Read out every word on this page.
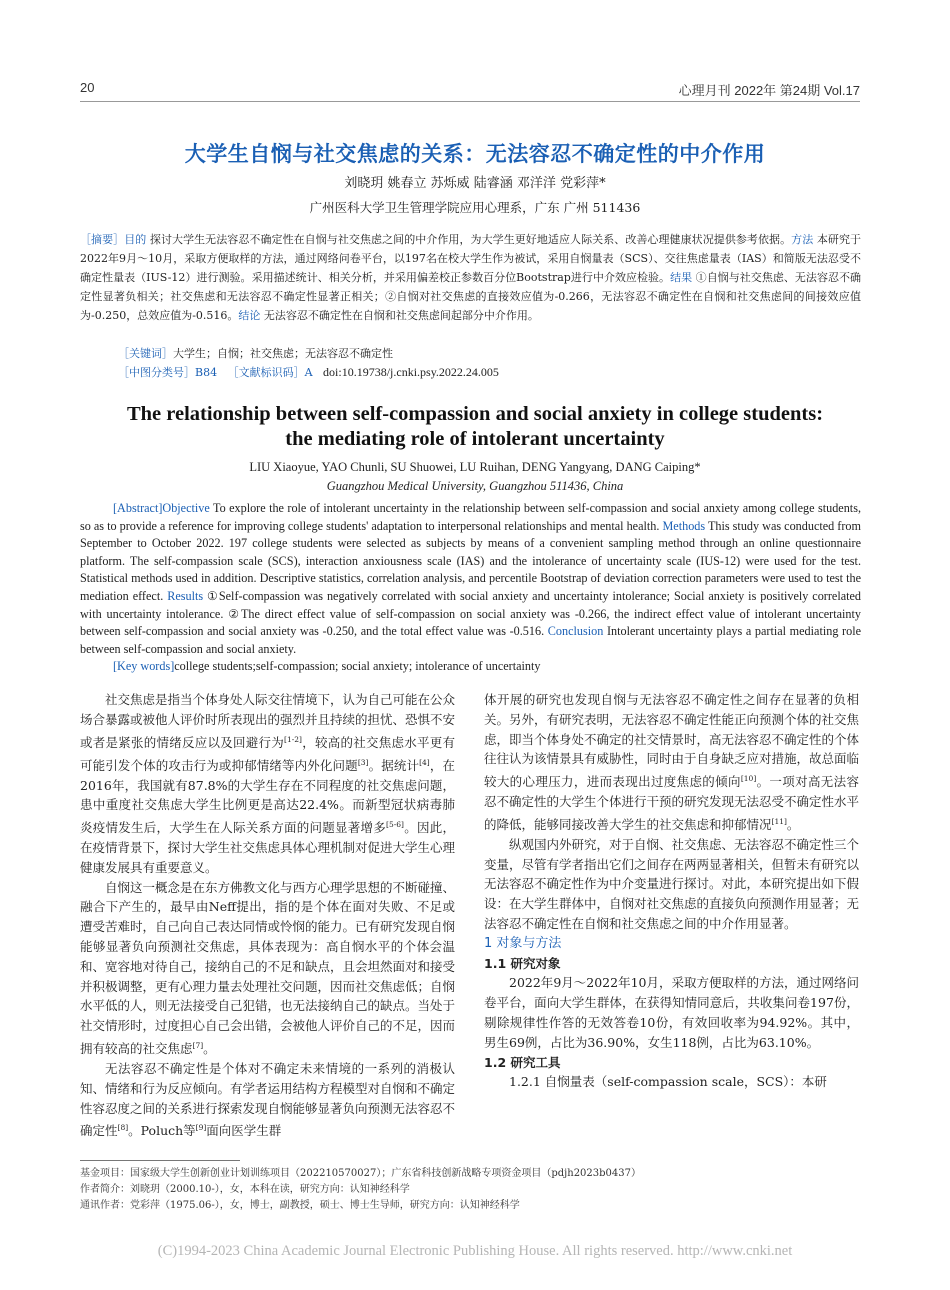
20	心理月刊 2022年 第24期 Vol.17
大学生自悯与社交焦虑的关系：无法容忍不确定性的中介作用
刘晓玥 姚春立 苏烁威 陆睿涵 邓洋洋 党彩萍*
广州医科大学卫生管理学院应用心理系，广东 广州 511436
［摘要］目的 探讨大学生无法容忍不确定性在自悯与社交焦虑之间的中介作用，为大学生更好地适应人际关系、改善心理健康状况提供参考依据。方法 本研究于2022年9月～10月，采取方便取样的方法，通过网络问卷平台，以197名在校大学生作为被试，采用自悯量表（SCS）、交往焦虑量表（IAS）和简版无法忍受不确定性量表（IUS-12）进行测验。采用描述统计、相关分析，并采用偏差校正参数百分位Bootstrap进行中介效应检验。结果 ①自悯与社交焦虑、无法容忍不确定性显著负相关；社交焦虑和无法容忍不确定性显著正相关；②自悯对社交焦虑的直接效应值为-0.266，无法容忍不确定性在自悯和社交焦虑间的间接效应值为-0.250，总效应值为-0.516。结论 无法容忍不确定性在自悯和社交焦虑间起部分中介作用。
［关键词］大学生；自悯；社交焦虑；无法容忍不确定性
［中图分类号］B84 ［文献标识码］A doi:10.19738/j.cnki.psy.2022.24.005
The relationship between self-compassion and social anxiety in college students:
the mediating role of intolerant uncertainty
LIU Xiaoyue, YAO Chunli, SU Shuowei, LU Ruihan, DENG Yangyang, DANG Caiping*
Guangzhou Medical University, Guangzhou 511436, China
[Abstract]Objective To explore the role of intolerant uncertainty in the relationship between self-compassion and social anxiety among college students, so as to provide a reference for improving college students' adaptation to interpersonal relationships and mental health. Methods This study was conducted from September to October 2022. 197 college students were selected as subjects by means of a convenient sampling method through an online questionnaire platform. The self-compassion scale (SCS), interaction anxiousness scale (IAS) and the intolerance of uncertainty scale (IUS-12) were used for the test. Statistical methods used in addition. Descriptive statistics, correlation analysis, and percentile Bootstrap of deviation correction parameters were used to test the mediation effect. Results ①Self-compassion was negatively correlated with social anxiety and uncertainty intolerance; Social anxiety is positively correlated with uncertainty intolerance. ②The direct effect value of self-compassion on social anxiety was -0.266, the indirect effect value of intolerant uncertainty between self-compassion and social anxiety was -0.250, and the total effect value was -0.516. Conclusion Intolerant uncertainty plays a partial mediating role between self-compassion and social anxiety.
[Key words]college students;self-compassion; social anxiety; intolerance of uncertainty

社交焦虑是指当个体身处人际交往情境下，认为自己可能在公众场合暴露或被他人评价时所表现出的强烈并且持续的担忧、恐惧不安或者是紧张的情绪反应以及回避行为[1-2]，较高的社交焦虑水平更有可能引发个体的攻击行为或抑郁情绪等内外化问题[3]。据统计[4]，在2016年，我国就有87.8%的大学生存在不同程度的社交焦虑问题，患中重度社交焦虑大学生比例更是高达22.4%。而新型冠状病毒肺炎疫情发生后，大学生在人际关系方面的问题显著增多[5-6]。因此，在疫情背景下，探讨大学生社交焦虑具体心理机制对促进大学生心理健康发展具有重要意义。

自悯这一概念是在东方佛教文化与西方心理学思想的不断碰撞、融合下产生的，最早由Neff提出，指的是个体在面对失败、不足或遭受苦难时，自己向自己表达同情或怜悯的能力。已有研究发现自悯能够显著负向预测社交焦虑，具体表现为：高自悯水平的个体会温和、宽容地对待自己，接纳自己的不足和缺点，且会坦然面对和接受并积极调整，更有心理力量去处理社交问题，因而社交焦虑低；自悯水平低的人，则无法接受自己犯错，也无法接纳自己的缺点。当处于社交情形时，过度担心自己会出错，会被他人评价自己的不足，因而拥有较高的社交焦虑[7]。

无法容忍不确定性是个体对不确定未来情境的一系列的消极认知、情绪和行为反应倾向。有学者运用结构方程模型对自悯和不确定性容忍度之间的关系进行探索发现自悯能够显著负向预测无法容忍不确定性[8]。Poluch等[9]面向医学生群

体开展的研究也发现自悯与无法容忍不确定性之间存在显著的负相关。另外，有研究表明，无法容忍不确定性能正向预测个体的社交焦虑，即当个体身处不确定的社交情景时，高无法容忍不确定性的个体往往认为该情景具有威胁性，同时由于自身缺乏应对措施，故总面临较大的心理压力，进而表现出过度焦虑的倾向[10]。一项对高无法容忍不确定性的大学生个体进行干预的研究发现无法忍受不确定性水平的降低，能够同接改善大学生的社交焦虑和抑郁情况[11]。

纵观国内外研究，对于自悯、社交焦虑、无法容忍不确定性三个变量，尽管有学者指出它们之间存在两两显著相关，但暂未有研究以无法容忍不确定性作为中介变量进行探讨。对此，本研究提出如下假设：在大学生群体中，自悯对社交焦虑的直接负向预测作用显著；无法容忍不确定性在自悯和社交焦虑之间的中介作用显著。

1 对象与方法

1.1 研究对象

2022年9月～2022年10月，采取方便取样的方法，通过网络问卷平台，面向大学生群体，在获得知情同意后，共收集问卷197份，剔除规律性作答的无效答卷10份，有效回收率为94.92%。其中，男生69例，占比为36.90%，女生118例，占比为63.10%。

1.2 研究工具

1.2.1 自悯量表（self-compassion scale，SCS）：本研

基金项目：国家级大学生创新创业计划训练项目（202210570027）；广东省科技创新战略专项资金项目（pdjh2023b0437）
作者简介：刘晓玥（2000.10-），女，本科在读，研究方向：认知神经科学
通讯作者：党彩萍（1975.06-），女，博士，副教授，硕士、博士生导师，研究方向：认知神经科学
(C)1994-2023 China Academic Journal Electronic Publishing House. All rights reserved. http://www.cnki.net
